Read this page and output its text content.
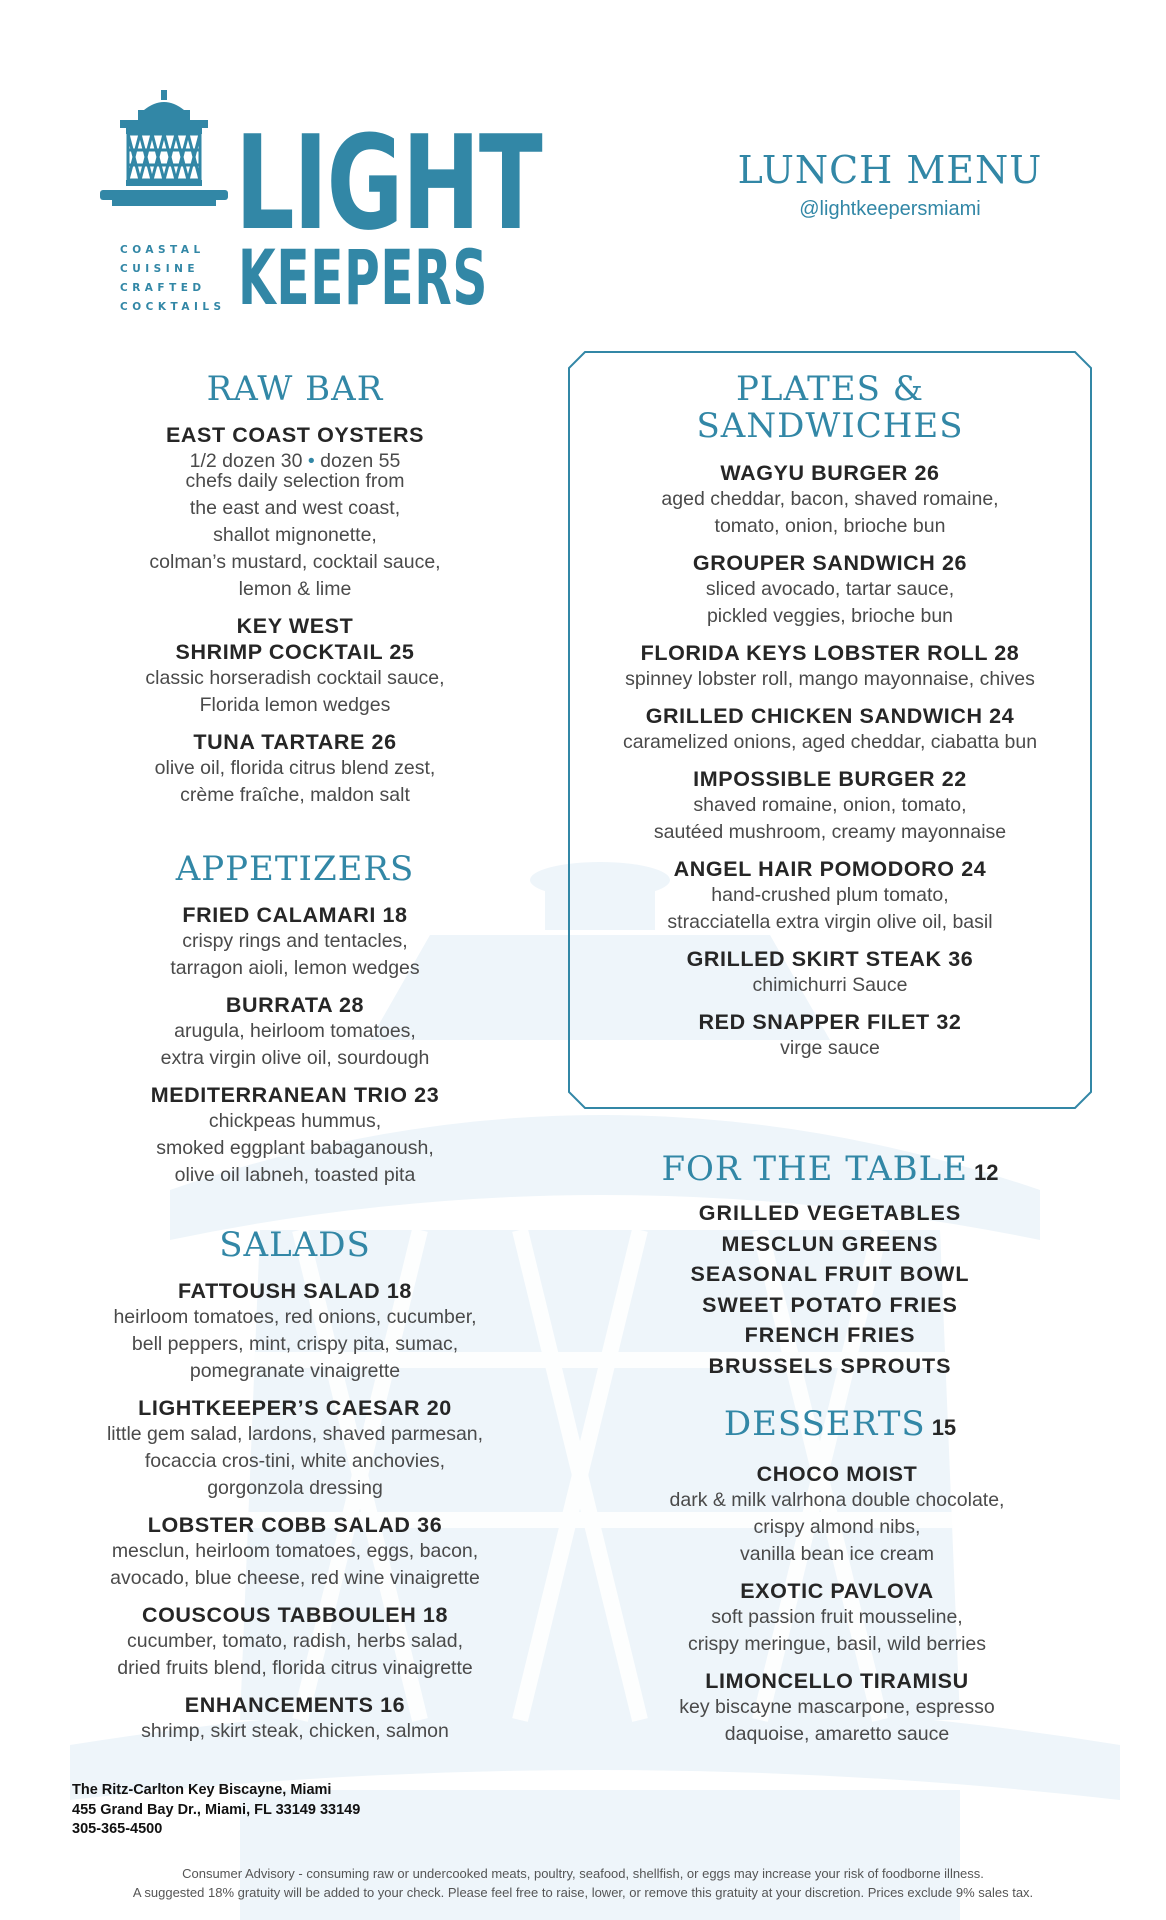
LIGHT
KEEPERS
COASTAL
CUISINE
CRAFTED
COCKTAILS
LUNCH MENU
@lightkeepersmiami
RAW BAR
EAST COAST OYSTERS
1/2 dozen 30 • dozen 55
chefs daily selection from
the east and west coast,
shallot mignonette,
colman’s mustard, cocktail sauce,
lemon & lime
KEY WEST
SHRIMP COCKTAIL 25
classic horseradish cocktail sauce,
Florida lemon wedges
TUNA TARTARE 26
olive oil, florida citrus blend zest,
crème fraîche, maldon salt
APPETIZERS
FRIED CALAMARI 18
crispy rings and tentacles,
tarragon aioli, lemon wedges
BURRATA 28
arugula, heirloom tomatoes,
extra virgin olive oil, sourdough
MEDITERRANEAN TRIO 23
chickpeas hummus,
smoked eggplant babaganoush,
olive oil labneh, toasted pita
SALADS
FATTOUSH SALAD 18
heirloom tomatoes, red onions, cucumber,
bell peppers, mint, crispy pita, sumac,
pomegranate vinaigrette
LIGHTKEEPER’S CAESAR 20
little gem salad, lardons, shaved parmesan,
focaccia cros-tini, white anchovies,
gorgonzola dressing
LOBSTER COBB SALAD 36
mesclun, heirloom tomatoes, eggs, bacon,
avocado, blue cheese, red wine vinaigrette
COUSCOUS TABBOULEH 18
cucumber, tomato, radish, herbs salad,
dried fruits blend, florida citrus vinaigrette
ENHANCEMENTS 16
shrimp, skirt steak, chicken, salmon
PLATES &
SANDWICHES
WAGYU BURGER 26
aged cheddar, bacon, shaved romaine,
tomato, onion, brioche bun
GROUPER SANDWICH 26
sliced avocado, tartar sauce,
pickled veggies, brioche bun
FLORIDA KEYS LOBSTER ROLL 28
spinney lobster roll, mango mayonnaise, chives
GRILLED CHICKEN SANDWICH 24
caramelized onions, aged cheddar, ciabatta bun
IMPOSSIBLE BURGER 22
shaved romaine, onion, tomato,
sautéed mushroom, creamy mayonnaise
ANGEL HAIR POMODORO 24
hand-crushed plum tomato,
stracciatella extra virgin olive oil, basil
GRILLED SKIRT STEAK 36
chimichurri Sauce
RED SNAPPER FILET 32
virge sauce
FOR THE TABLE 12
GRILLED VEGETABLES
MESCLUN GREENS
SEASONAL FRUIT BOWL
SWEET POTATO FRIES
FRENCH FRIES
BRUSSELS SPROUTS
DESSERTS 15
CHOCO MOIST
dark & milk valrhona double chocolate,
crispy almond nibs,
vanilla bean ice cream
EXOTIC PAVLOVA
soft passion fruit mousseline,
crispy meringue, basil, wild berries
LIMONCELLO TIRAMISU
key biscayne mascarpone, espresso
daquoise, amaretto sauce
The Ritz-Carlton Key Biscayne, Miami
455 Grand Bay Dr., Miami, FL 33149 33149
305-365-4500
Consumer Advisory - consuming raw or undercooked meats, poultry, seafood, shellfish, or eggs may increase your risk of foodborne illness.
A suggested 18% gratuity will be added to your check. Please feel free to raise, lower, or remove this gratuity at your discretion. Prices exclude 9% sales tax.
